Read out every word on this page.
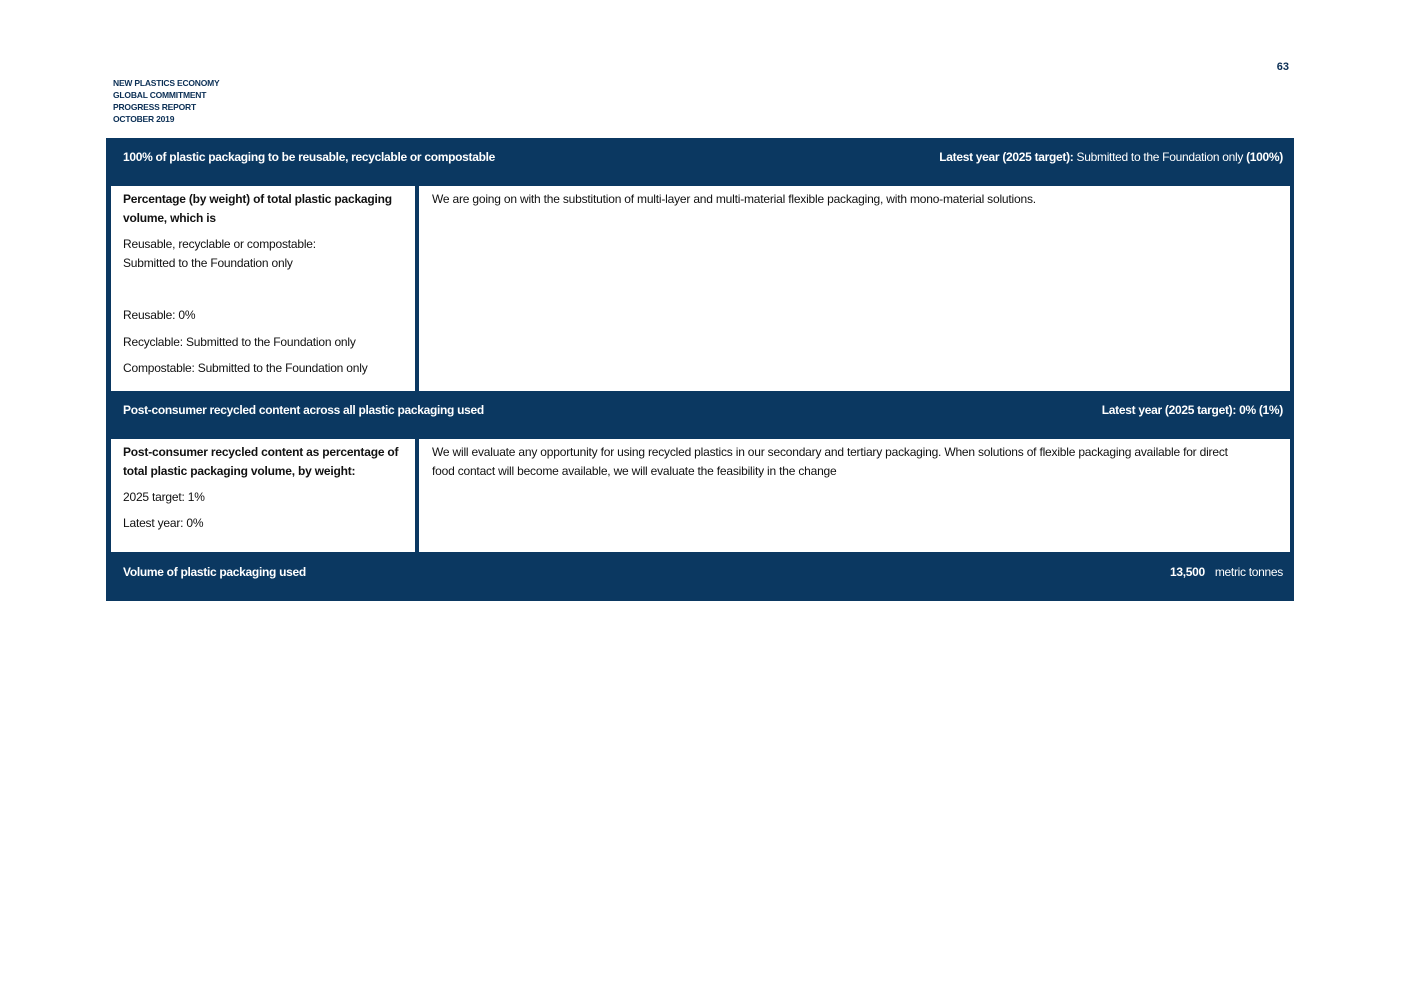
NEW PLASTICS ECONOMY
GLOBAL COMMITMENT
PROGRESS REPORT
OCTOBER 2019
63
100% of plastic packaging to be reusable, recyclable or compostable	Latest year (2025 target): Submitted to the Foundation only (100%)

Percentage (by weight) of total plastic packaging volume, which is

Reusable, recyclable or compostable:

Submitted to the Foundation only

Reusable: 0%

Recyclable: Submitted to the Foundation only

Compostable: Submitted to the Foundation only

We are going on with the substitution of multi-layer and multi-material flexible packaging, with mono-material solutions.

Post-consumer recycled content across all plastic packaging used	Latest year (2025 target): 0% (1%)

Post-consumer recycled content as percentage of total plastic packaging volume, by weight:

2025 target: 1%

Latest year: 0%

We will evaluate any opportunity for using recycled plastics in our secondary and tertiary packaging. When solutions of flexible packaging available for direct food contact will become available, we will evaluate the feasibility in the change

Volume of plastic packaging used	13,500 metric tonnes
